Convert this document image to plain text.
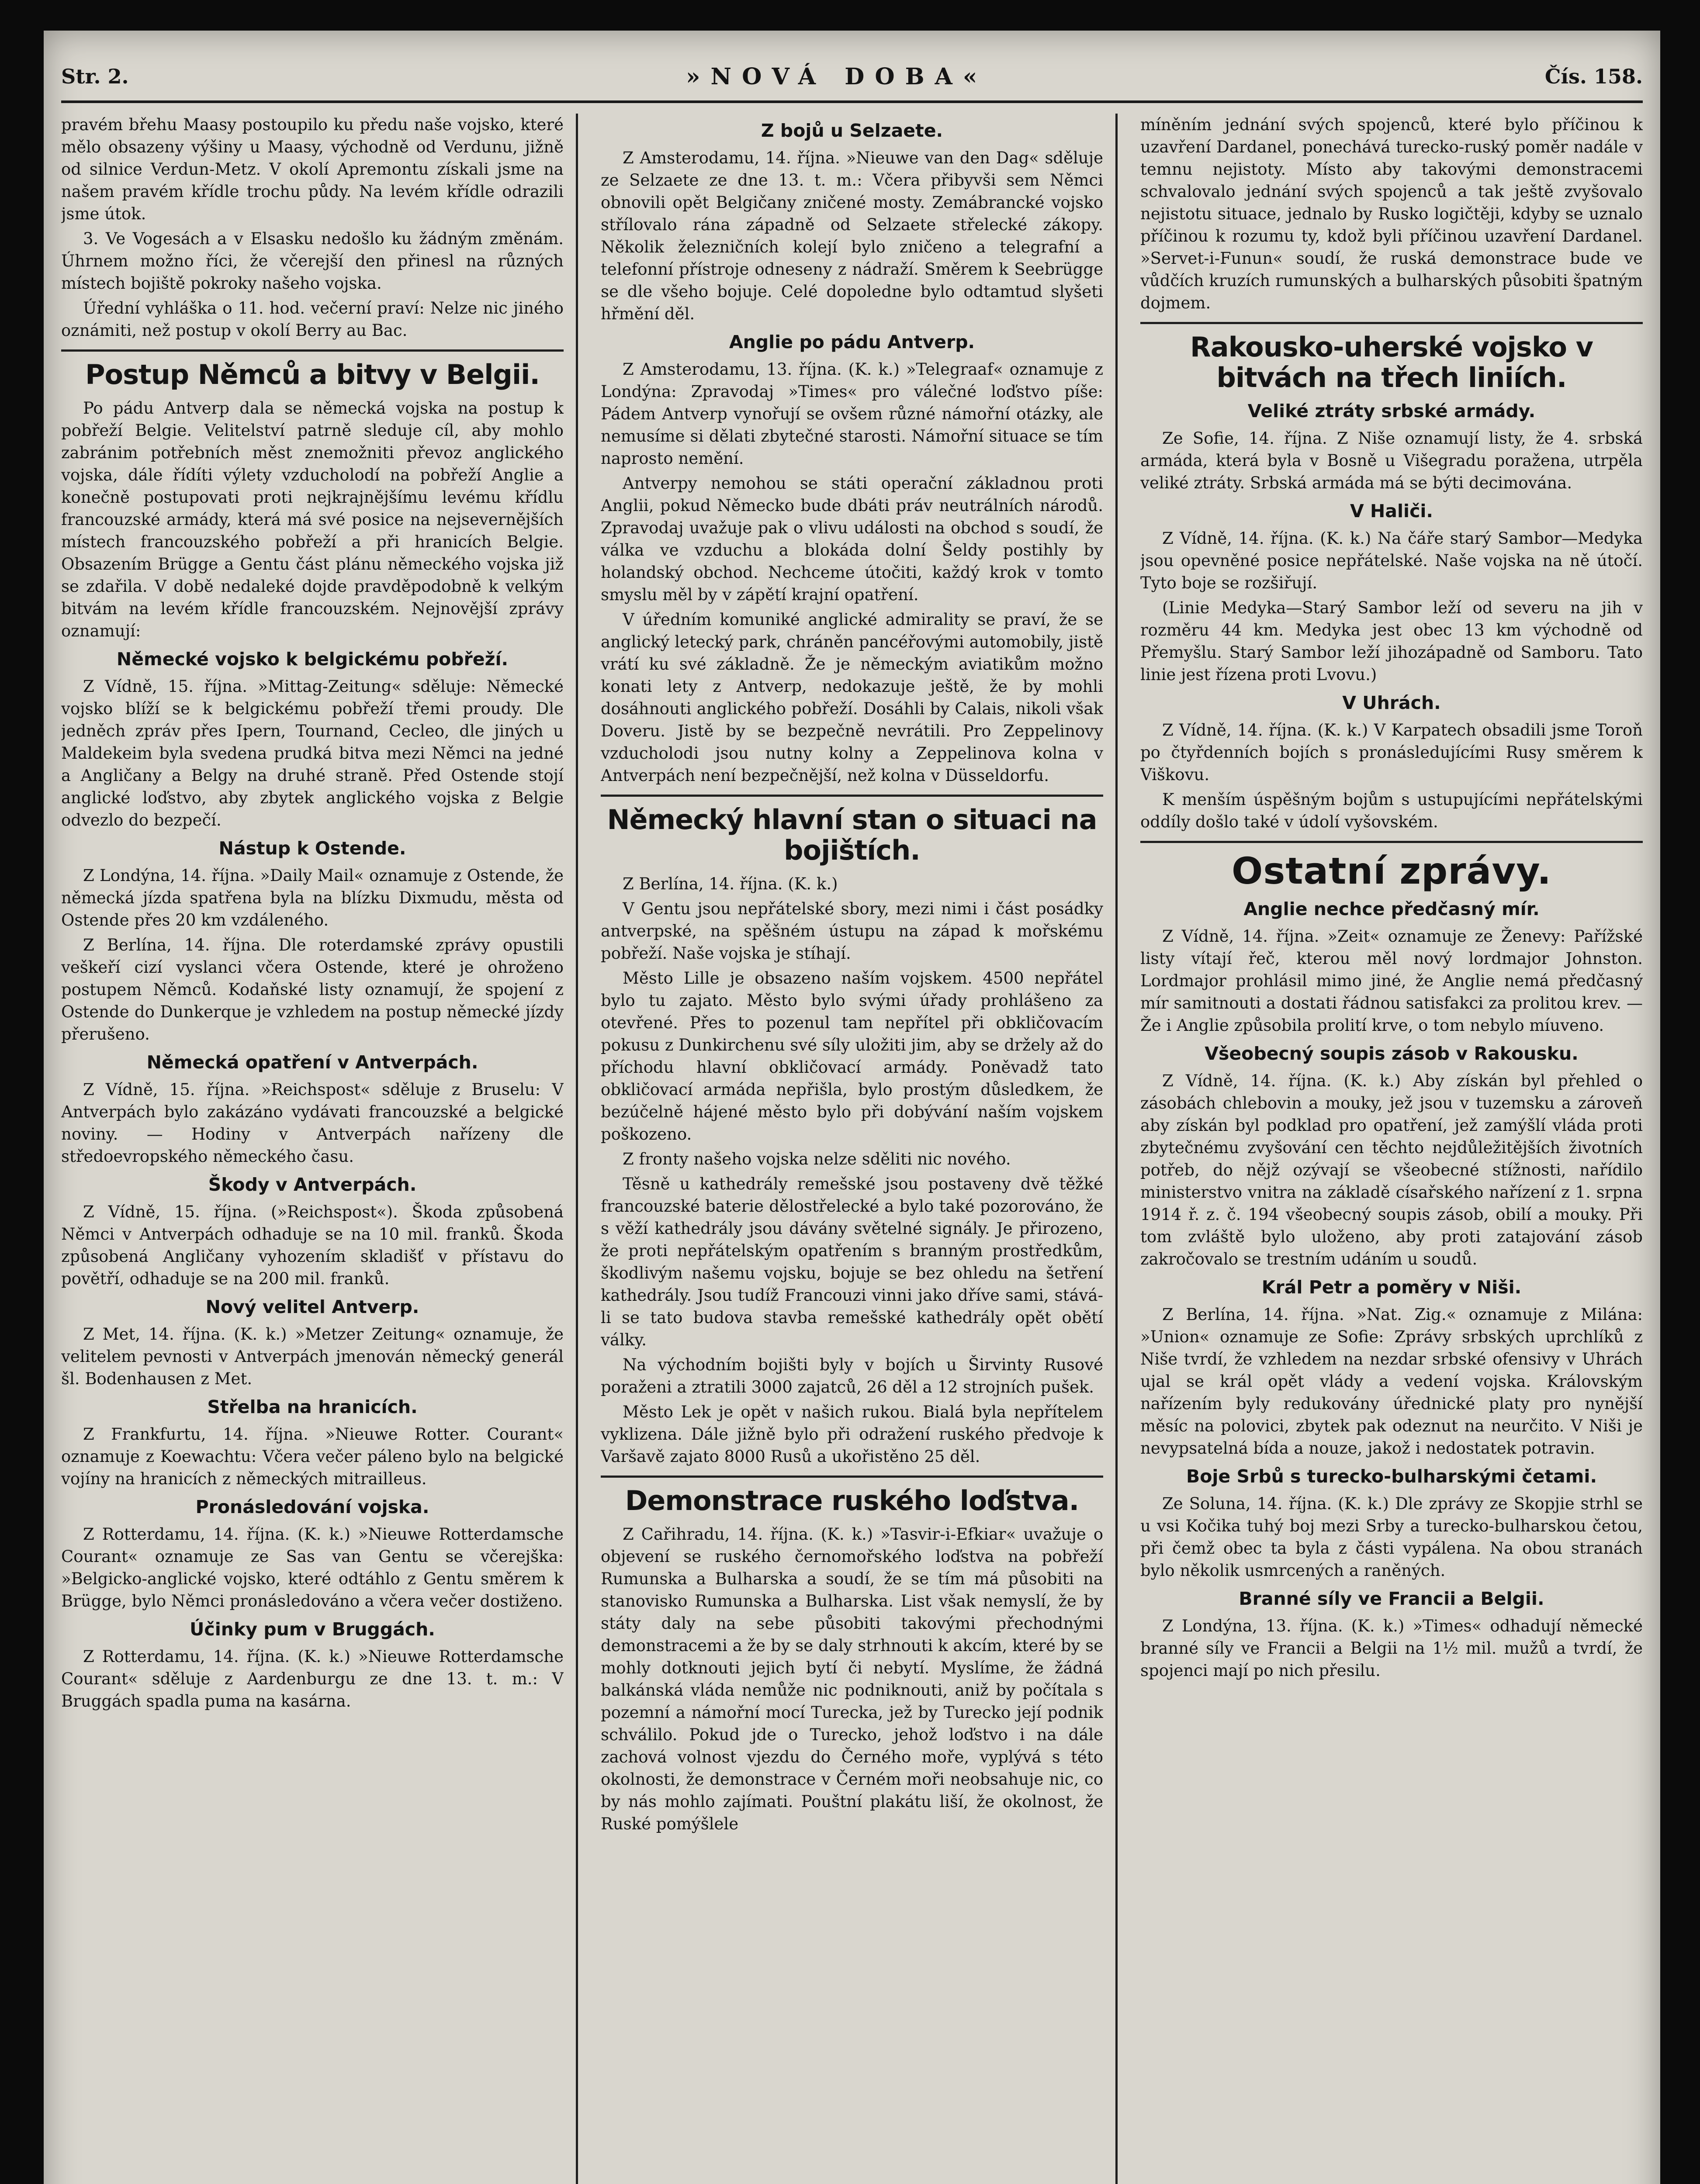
Str. 2.	»NOVÁ DOBA«	Čís. 158.

pravém břehu Maasy postoupilo ku předu naše vojsko, které mělo obsazeny výšiny u Maasy, východně od Verdunu, jižně od silnice Verdun-Metz. V okolí Apremontu získali jsme na našem pravém křídle trochu půdy. Na levém křídle odrazili jsme útok.

3. Ve Vogesách a v Elsasku nedošlo ku žádným změnám. Úhrnem možno říci, že včerejší den přinesl na různých místech bojiště pokroky našeho vojska.

Úřední vyhláška o 11. hod. večerní praví: Nelze nic jiného oznámiti, než postup v okolí Berry au Bac.

Postup Němců a bitvy v Belgii.

Po pádu Antverp dala se německá vojska na postup k pobřeží Belgie. Velitelství patrně sleduje cíl, aby mohlo zabránim potřebních měst znemožniti převoz anglického vojska, dále řídíti výlety vzducholodí na pobřeží Anglie a konečně postupovati proti nejkrajnějšímu levému křídlu francouzské armády, která má své posice na nejsevernějších místech francouzského pobřeží a při hranicích Belgie. Obsazením Brügge a Gentu část plánu německého vojska již se zdařila. V době nedaleké dojde pravděpodobně k velkým bitvám na levém křídle francouzském. Nejnovější zprávy oznamují:

Německé vojsko k belgickému pobřeží.

Z Vídně, 15. října. »Mittag-Zeitung« sděluje: Německé vojsko blíží se k belgickému pobřeží třemi proudy. Dle jedněch zpráv přes Ipern, Tournand, Cecleo, dle jiných u Maldekeim byla svedena prudká bitva mezi Němci na jedné a Angličany a Belgy na druhé straně. Před Ostende stojí anglické loďstvo, aby zbytek anglického vojska z Belgie odvezlo do bezpečí.

Nástup k Ostende.

Z Londýna, 14. října. »Daily Mail« oznamuje z Ostende, že německá jízda spatřena byla na blízku Dixmudu, města od Ostende přes 20 km vzdáleného.

Z Berlína, 14. října. Dle roterdamské zprávy opustili veškeří cizí vyslanci včera Ostende, které je ohroženo postupem Němců. Kodaňské listy oznamují, že spojení z Ostende do Dunkerque je vzhledem na postup německé jízdy přerušeno.

Německá opatření v Antverpách.

Z Vídně, 15. října. »Reichspost« sděluje z Bruselu: V Antverpách bylo zakázáno vydávati francouzské a belgické noviny. — Hodiny v Antverpách nařízeny dle středoevropského německého času.

Škody v Antverpách.

Z Vídně, 15. října. (»Reichspost«). Škoda způsobená Němci v Antverpách odhaduje se na 10 mil. franků. Škoda způsobená Angličany vyhozením skladišť v přístavu do povětří, odhaduje se na 200 mil. franků.

Nový velitel Antverp.

Z Met, 14. října. (K. k.) »Metzer Zeitung« oznamuje, že velitelem pevnosti v Antverpách jmenován německý generál šl. Bodenhausen z Met.

Střelba na hranicích.

Z Frankfurtu, 14. října. »Nieuwe Rotter. Courant« oznamuje z Koewachtu: Včera večer páleno bylo na belgické vojíny na hranicích z německých mitrailleus.

Pronásledování vojska.

Z Rotterdamu, 14. října. (K. k.) »Nieuwe Rotterdamsche Courant« oznamuje ze Sas van Gentu se včerejška: »Belgicko-anglické vojsko, které odtáhlo z Gentu směrem k Brügge, bylo Němci pronásledováno a včera večer dostiženo.

Účinky pum v Bruggách.

Z Rotterdamu, 14. října. (K. k.) »Nieuwe Rotterdamsche Courant« sděluje z Aardenburgu ze dne 13. t. m.: V Bruggách spadla puma na kasárna.

Z bojů u Selzaete.

Z Amsterodamu, 14. října. »Nieuwe van den Dag« sděluje ze Selzaete ze dne 13. t. m.: Včera přibyvši sem Němci obnovili opět Belgičany zničené mosty. Zemábrancké vojsko střílovalo rána západně od Selzaete střelecké zákopy. Několik železničních kolejí bylo zničeno a telegrafní a telefonní přístroje odneseny z nádraží. Směrem k Seebrügge se dle všeho bojuje. Celé dopoledne bylo odtamtud slyšeti hřmění děl.

Anglie po pádu Antverp.

Z Amsterodamu, 13. října. (K. k.) »Telegraaf« oznamuje z Londýna: Zpravodaj »Times« pro válečné loďstvo píše: Pádem Antverp vynořují se ovšem různé námořní otázky, ale nemusíme si dělati zbytečné starosti. Námořní situace se tím naprosto nemění.

Antverpy nemohou se státi operační základnou proti Anglii, pokud Německo bude dbáti práv neutrálních národů. Zpravodaj uvažuje pak o vlivu události na obchod s soudí, že válka ve vzduchu a blokáda dolní Šeldy postihly by holandský obchod. Nechceme útočiti, každý krok v tomto smyslu měl by v zápětí krajní opatření.

V úředním komuniké anglické admirality se praví, že se anglický letecký park, chráněn pancéřovými automobily, jistě vrátí ku své základně. Že je německým aviatikům možno konati lety z Antverp, nedokazuje ještě, že by mohli dosáhnouti anglického pobřeží. Dosáhli by Calais, nikoli však Doveru. Jistě by se bezpečně nevrátili. Pro Zeppelinovy vzducholodi jsou nutny kolny a Zeppelinova kolna v Antverpách není bezpečnější, než kolna v Düsseldorfu.

Německý hlavní stan o situaci na bojištích.

Z Berlína, 14. října. (K. k.)

V Gentu jsou nepřátelské sbory, mezi nimi i část posádky antverpské, na spěšném ústupu na západ k mořskému pobřeží. Naše vojska je stíhají.

Město Lille je obsazeno naším vojskem. 4500 nepřátel bylo tu zajato. Město bylo svými úřady prohlášeno za otevřené. Přes to pozenul tam nepřítel při obkličovacím pokusu z Dunkirchenu své síly uložiti jim, aby se držely až do příchodu hlavní obkličovací armády. Poněvadž tato obkličovací armáda nepřišla, bylo prostým důsledkem, že bezúčelně hájené město bylo při dobývání naším vojskem poškozeno.

Z fronty našeho vojska nelze sděliti nic nového.

Těsně u kathedrály remešské jsou postaveny dvě těžké francouzské baterie dělostřelecké a bylo také pozorováno, že s věží kathedrály jsou dávány světelné signály. Je přirozeno, že proti nepřátelským opatřením s branným prostředkům, škodlivým našemu vojsku, bojuje se bez ohledu na šetření kathedrály. Jsou tudíž Francouzi vinni jako dříve sami, stává-li se tato budova stavba remešské kathedrály opět obětí války.

Na východním bojišti byly v bojích u Širvinty Rusové poraženi a ztratili 3000 zajatců, 26 děl a 12 strojních pušek.

Město Lek je opět v našich rukou. Bialá byla nepřítelem vyklizena. Dále jižně bylo při odražení ruského předvoje k Varšavě zajato 8000 Rusů a ukořistěno 25 děl.

Demonstrace ruského loďstva.

Z Cařihradu, 14. října. (K. k.) »Tasvir-i-Efkiar« uvažuje o objevení se ruského černomořského loďstva na pobřeží Rumunska a Bulharska a soudí, že se tím má působiti na stanovisko Rumunska a Bulharska. List však nemyslí, že by státy daly na sebe působiti takovými přechodnými demonstracemi a že by se daly strhnouti k akcím, které by se mohly dotknouti jejich bytí či nebytí. Myslíme, že žádná balkánská vláda nemůže nic podniknouti, aniž by počítala s pozemní a námořní mocí Turecka, jež by Turecko její podnik schválilo. Pokud jde o Turecko, jehož loďstvo i na dále zachová volnost vjezdu do Černého moře, vyplývá s této okolnosti, že demonstrace v Černém moři neobsahuje nic, co by nás mohlo zajímati. Pouštní plakátu liší, že okolnost, že Ruské pomýšlele

míněním jednání svých spojenců, které bylo příčinou k uzavření Dardanel, ponechává turecko-ruský poměr nadále v temnu nejistoty. Místo aby takovými demonstracemi schvalovalo jednání svých spojenců a tak ještě zvyšovalo nejistotu situace, jednalo by Rusko logičtěji, kdyby se uznalo příčinou k rozumu ty, kdož byli příčinou uzavření Dardanel. »Servet-i-Funun« soudí, že ruská demonstrace bude ve vůdčích kruzích rumunských a bulharských působiti špatným dojmem.

Rakousko-uherské vojsko v bitvách na třech liniích.
Veliké ztráty srbské armády.

Ze Sofie, 14. října. Z Niše oznamují listy, že 4. srbská armáda, která byla v Bosně u Višegradu poražena, utrpěla veliké ztráty. Srbská armáda má se býti decimována.

V Haliči.

Z Vídně, 14. října. (K. k.) Na čáře starý Sambor—Medyka jsou opevněné posice nepřátelské. Naše vojska na ně útočí. Tyto boje se rozšiřují.

(Linie Medyka—Starý Sambor leží od severu na jih v rozměru 44 km. Medyka jest obec 13 km východně od Přemyšlu. Starý Sambor leží jihozápadně od Samboru. Tato linie jest řízena proti Lvovu.)

V Uhrách.

Z Vídně, 14. října. (K. k.) V Karpatech obsadili jsme Toroň po čtyřdenních bojích s pronásledujícími Rusy směrem k Viškovu.

K menším úspěšným bojům s ustupujícími nepřátelskými oddíly došlo také v údolí vyšovském.

Ostatní zprávy.
Anglie nechce předčasný mír.

Z Vídně, 14. října. »Zeit« oznamuje ze Ženevy: Pařížské listy vítají řeč, kterou měl nový lordmajor Johnston. Lordmajor prohlásil mimo jiné, že Anglie nemá předčasný mír samitnouti a dostati řádnou satisfakci za prolitou krev. — Že i Anglie způsobila prolití krve, o tom nebylo míuveno.

Všeobecný soupis zásob v Rakousku.

Z Vídně, 14. října. (K. k.) Aby získán byl přehled o zásobách chlebovin a mouky, jež jsou v tuzemsku a zároveň aby získán byl podklad pro opatření, jež zamýšlí vláda proti zbytečnému zvyšování cen těchto nejdůležitějších životních potřeb, do nějž ozývají se všeobecné stížnosti, nařídilo ministerstvo vnitra na základě císařského nařízení z 1. srpna 1914 ř. z. č. 194 všeobecný soupis zásob, obilí a mouky. Při tom zvláště bylo uloženo, aby proti zatajování zásob zakročovalo se trestním udáním u soudů.

Král Petr a poměry v Niši.

Z Berlína, 14. října. »Nat. Zig.« oznamuje z Milána: »Union« oznamuje ze Sofie: Zprávy srbských uprchlíků z Niše tvrdí, že vzhledem na nezdar srbské ofensivy v Uhrách ujal se král opět vlády a vedení vojska. Královským nařízením byly redukovány úřednické platy pro nynější měsíc na polovici, zbytek pak odeznut na neurčito. V Niši je nevypsatelná bída a nouze, jakož i nedostatek potravin.

Boje Srbů s turecko-bulharskými četami.

Ze Soluna, 14. října. (K. k.) Dle zprávy ze Skopjie strhl se u vsi Kočika tuhý boj mezi Srby a turecko-bulharskou četou, při čemž obec ta byla z části vypálena. Na obou stranách bylo několik usmrcených a raněných.

Branné síly ve Francii a Belgii.

Z Londýna, 13. října. (K. k.) »Times« odhadují německé branné síly ve Francii a Belgii na 1½ mil. mužů a tvrdí, že spojenci mají po nich přesilu.
